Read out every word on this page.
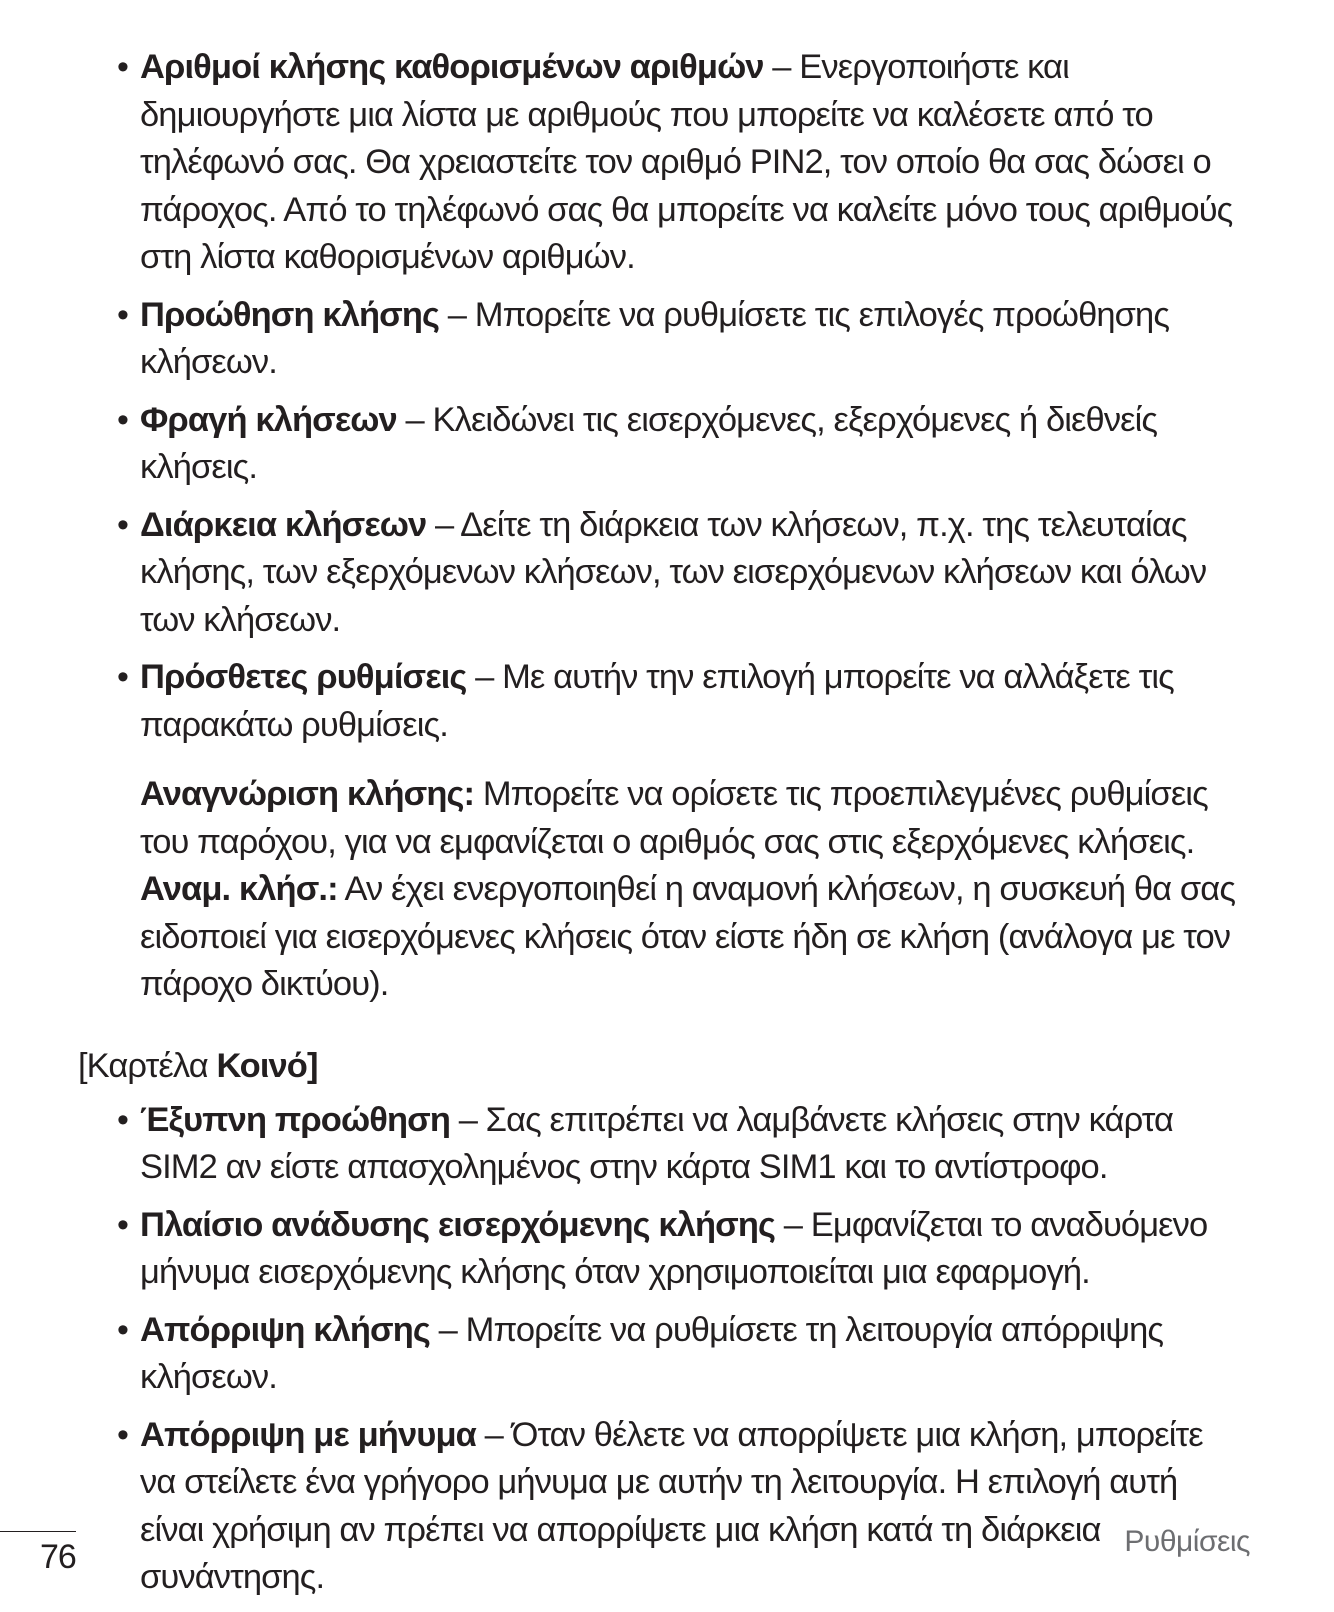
• Αριθμοί κλήσης καθορισμένων αριθμών – Ενεργοποιήστε και δημιουργήστε μια λίστα με αριθμούς που μπορείτε να καλέσετε από το τηλέφωνό σας. Θα χρειαστείτε τον αριθμό PIN2, τον οποίο θα σας δώσει ο πάροχος. Από το τηλέφωνό σας θα μπορείτε να καλείτε μόνο τους αριθμούς στη λίστα καθορισμένων αριθμών.
• Προώθηση κλήσης – Μπορείτε να ρυθμίσετε τις επιλογές προώθησης κλήσεων.
• Φραγή κλήσεων – Κλειδώνει τις εισερχόμενες, εξερχόμενες ή διεθνείς κλήσεις.
• Διάρκεια κλήσεων – Δείτε τη διάρκεια των κλήσεων, π.χ. της τελευταίας κλήσης, των εξερχόμενων κλήσεων, των εισερχόμενων κλήσεων και όλων των κλήσεων.
• Πρόσθετες ρυθμίσεις – Με αυτήν την επιλογή μπορείτε να αλλάξετε τις παρακάτω ρυθμίσεις.

Αναγνώριση κλήσης: Μπορείτε να ορίσετε τις προεπιλεγμένες ρυθμίσεις του παρόχου, για να εμφανίζεται ο αριθμός σας στις εξερχόμενες κλήσεις.

Αναμ. κλήσ.: Αν έχει ενεργοποιηθεί η αναμονή κλήσεων, η συσκευή θα σας ειδοποιεί για εισερχόμενες κλήσεις όταν είστε ήδη σε κλήση (ανάλογα με τον πάροχο δικτύου).

[Καρτέλα Κοινό]
• Έξυπνη προώθηση – Σας επιτρέπει να λαμβάνετε κλήσεις στην κάρτα SIM2 αν είστε απασχολημένος στην κάρτα SIM1 και το αντίστροφο.
• Πλαίσιο ανάδυσης εισερχόμενης κλήσης – Εμφανίζεται το αναδυόμενο μήνυμα εισερχόμενης κλήσης όταν χρησιμοποιείται μια εφαρμογή.
• Απόρριψη κλήσης – Μπορείτε να ρυθμίσετε τη λειτουργία απόρριψης κλήσεων.
• Απόρριψη με μήνυμα – Όταν θέλετε να απορρίψετε μια κλήση, μπορείτε να στείλετε ένα γρήγορο μήνυμα με αυτήν τη λειτουργία. Η επιλογή αυτή είναι χρήσιμη αν πρέπει να απορρίψετε μια κλήση κατά τη διάρκεια συνάντησης.
76	Ρυθμίσεις
